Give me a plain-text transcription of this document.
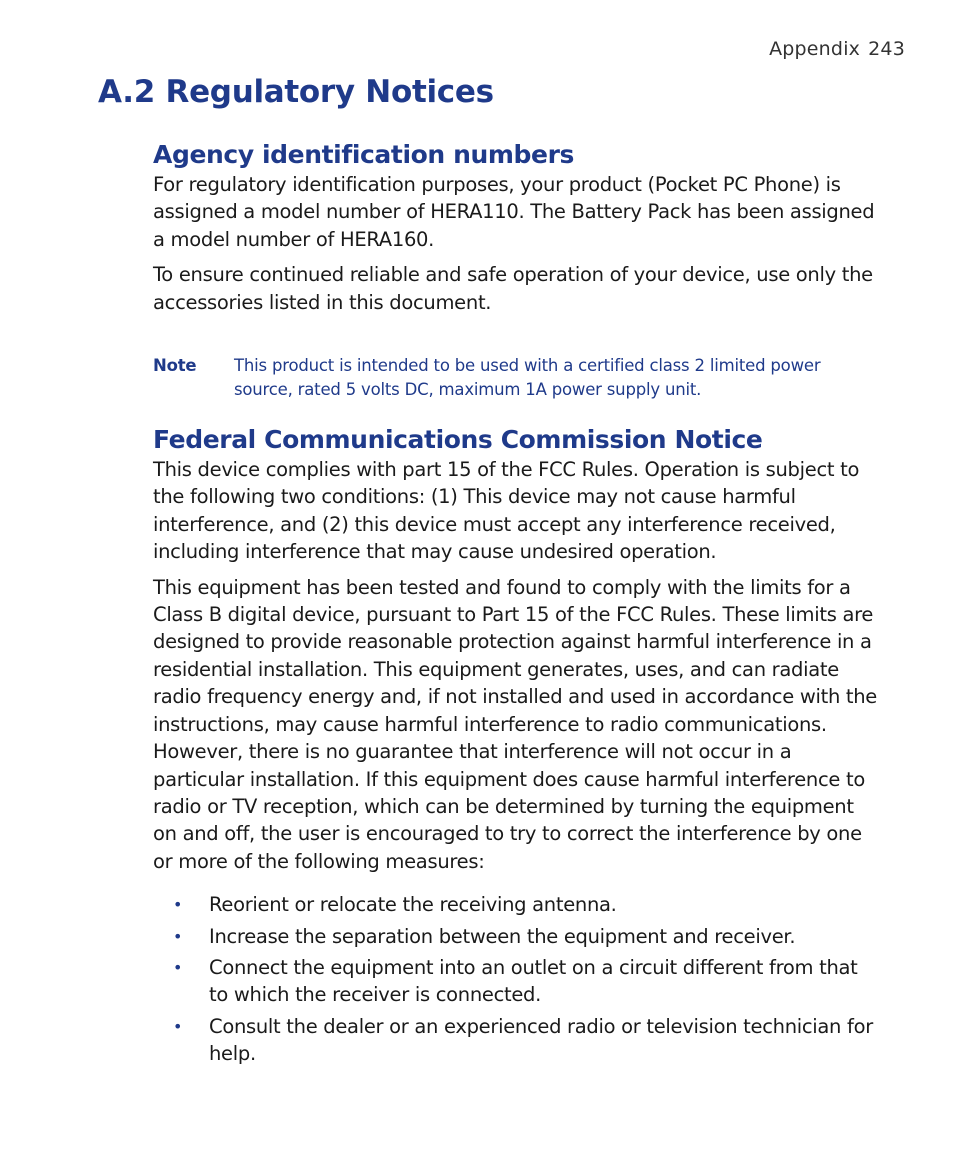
Appendix 243
A.2 Regulatory Notices
Agency identification numbers

For regulatory identification purposes, your product (Pocket PC Phone) is assigned a model number of HERA110. The Battery Pack has been assigned a model number of HERA160.

To ensure continued reliable and safe operation of your device, use only the accessories listed in this document.

Note	This product is intended to be used with a certified class 2 limited power source, rated 5 volts DC, maximum 1A power supply unit.
Federal Communications Commission Notice

This device complies with part 15 of the FCC Rules. Operation is subject to the following two conditions: (1) This device may not cause harmful interference, and (2) this device must accept any interference received, including interference that may cause undesired operation.

This equipment has been tested and found to comply with the limits for a Class B digital device, pursuant to Part 15 of the FCC Rules. These limits are designed to provide reasonable protection against harmful interference in a residential installation. This equipment generates, uses, and can radiate radio frequency energy and, if not installed and used in accordance with the instructions, may cause harmful interference to radio communications. However, there is no guarantee that interference will not occur in a particular installation. If this equipment does cause harmful interference to radio or TV reception, which can be determined by turning the equipment on and off, the user is encouraged to try to correct the interference by one or more of the following measures:

• Reorient or relocate the receiving antenna.
• Increase the separation between the equipment and receiver.
• Connect the equipment into an outlet on a circuit different from that to which the receiver is connected.
• Consult the dealer or an experienced radio or television technician for help.
